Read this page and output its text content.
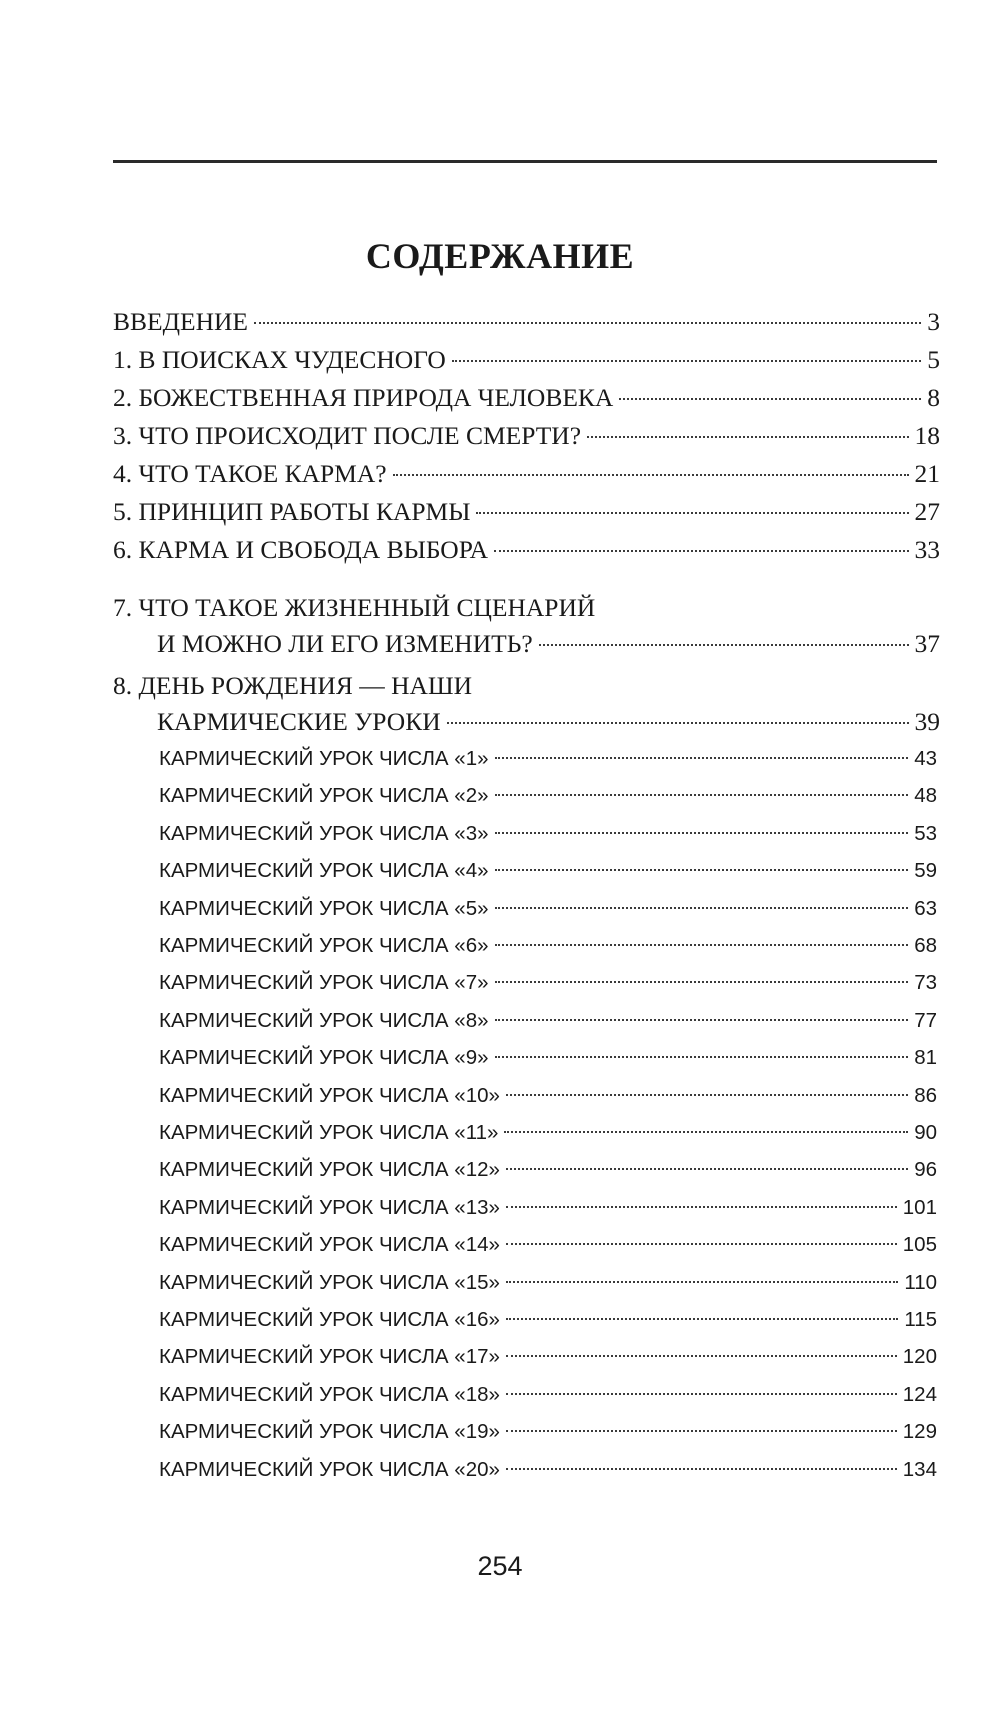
СОДЕРЖАНИЕ
ВВЕДЕНИЕ	3
1. В ПОИСКАХ ЧУДЕСНОГО	5
2. БОЖЕСТВЕННАЯ ПРИРОДА ЧЕЛОВЕКА	8
3. ЧТО ПРОИСХОДИТ ПОСЛЕ СМЕРТИ?	18
4. ЧТО ТАКОЕ КАРМА?	21
5. ПРИНЦИП РАБОТЫ КАРМЫ	27
6. КАРМА И СВОБОДА ВЫБОРА	33
7. ЧТО ТАКОЕ ЖИЗНЕННЫЙ СЦЕНАРИЙ
И МОЖНО ЛИ ЕГО ИЗМЕНИТЬ?	37
8. ДЕНЬ РОЖДЕНИЯ — НАШИ
КАРМИЧЕСКИЕ УРОКИ	39
КАРМИЧЕСКИЙ УРОК ЧИСЛА «1»	43
КАРМИЧЕСКИЙ УРОК ЧИСЛА «2»	48
КАРМИЧЕСКИЙ УРОК ЧИСЛА «3»	53
КАРМИЧЕСКИЙ УРОК ЧИСЛА «4»	59
КАРМИЧЕСКИЙ УРОК ЧИСЛА «5»	63
КАРМИЧЕСКИЙ УРОК ЧИСЛА «6»	68
КАРМИЧЕСКИЙ УРОК ЧИСЛА «7»	73
КАРМИЧЕСКИЙ УРОК ЧИСЛА «8»	77
КАРМИЧЕСКИЙ УРОК ЧИСЛА «9»	81
КАРМИЧЕСКИЙ УРОК ЧИСЛА «10»	86
КАРМИЧЕСКИЙ УРОК ЧИСЛА «11»	90
КАРМИЧЕСКИЙ УРОК ЧИСЛА «12»	96
КАРМИЧЕСКИЙ УРОК ЧИСЛА «13»	101
КАРМИЧЕСКИЙ УРОК ЧИСЛА «14»	105
КАРМИЧЕСКИЙ УРОК ЧИСЛА «15»	110
КАРМИЧЕСКИЙ УРОК ЧИСЛА «16»	115
КАРМИЧЕСКИЙ УРОК ЧИСЛА «17»	120
КАРМИЧЕСКИЙ УРОК ЧИСЛА «18»	124
КАРМИЧЕСКИЙ УРОК ЧИСЛА «19»	129
КАРМИЧЕСКИЙ УРОК ЧИСЛА «20»	134
254
